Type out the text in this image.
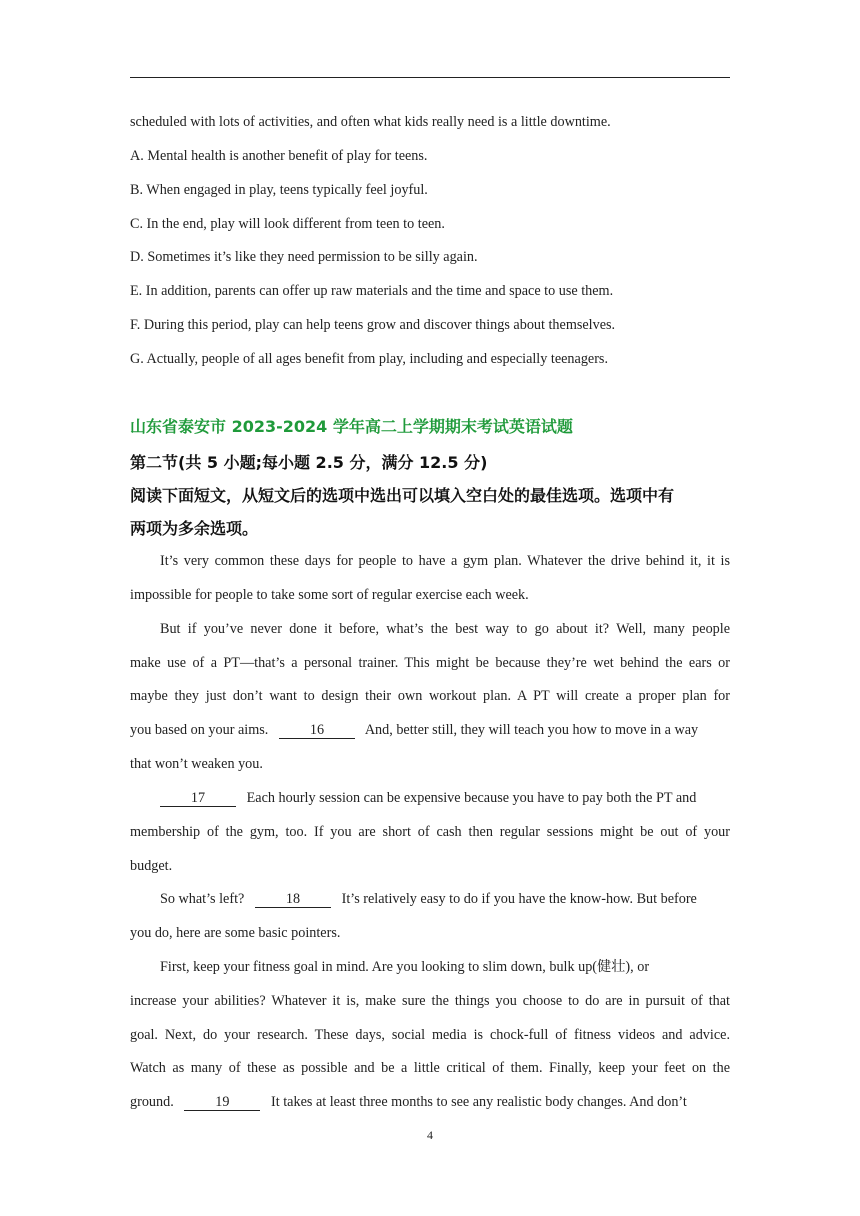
scheduled with lots of activities, and often what kids really need is a little downtime.
A. Mental health is another benefit of play for teens.
B. When engaged in play, teens typically feel joyful.
C. In the end, play will look different from teen to teen.
D. Sometimes it’s like they need permission to be silly again.
E. In addition, parents can offer up raw materials and the time and space to use them.
F. During this period, play can help teens grow and discover things about themselves.
G. Actually, people of all ages benefit from play, including and especially teenagers.
山东省泰安市 2023-2024 学年高二上学期期末考试英语试题
第二节(共 5 小题;每小题 2.5 分，满分 12.5 分)
阅读下面短文，从短文后的选项中选出可以填入空白处的最佳选项。选项中有
两项为多余选项。
It’s very common these days for people to have a gym plan. Whatever the drive behind it, it is
impossible for people to take some sort of regular exercise each week.
But if you’ve never done it before, what’s the best way to go about it? Well, many people
make use of a PT—that’s a personal trainer. This might be because they’re wet behind the ears or
maybe they just don’t want to design their own workout plan. A PT will create a proper plan for
you based on your aims.	16	And, better still, they will teach you how to move in a way
that won’t weaken you.
17	Each hourly session can be expensive because you have to pay both the PT and
membership of the gym, too. If you are short of cash then regular sessions might be out of your
budget.
So what’s left?	18	It’s relatively easy to do if you have the know-how. But before
you do, here are some basic pointers.
First, keep your fitness goal in mind. Are you looking to slim down, bulk up(健壮), or
increase your abilities? Whatever it is, make sure the things you choose to do are in pursuit of that
goal. Next, do your research. These days, social media is chock-full of fitness videos and advice.
Watch as many of these as possible and be a little critical of them. Finally, keep your feet on the
ground.	19	It takes at least three months to see any realistic body changes. And don’t
4
